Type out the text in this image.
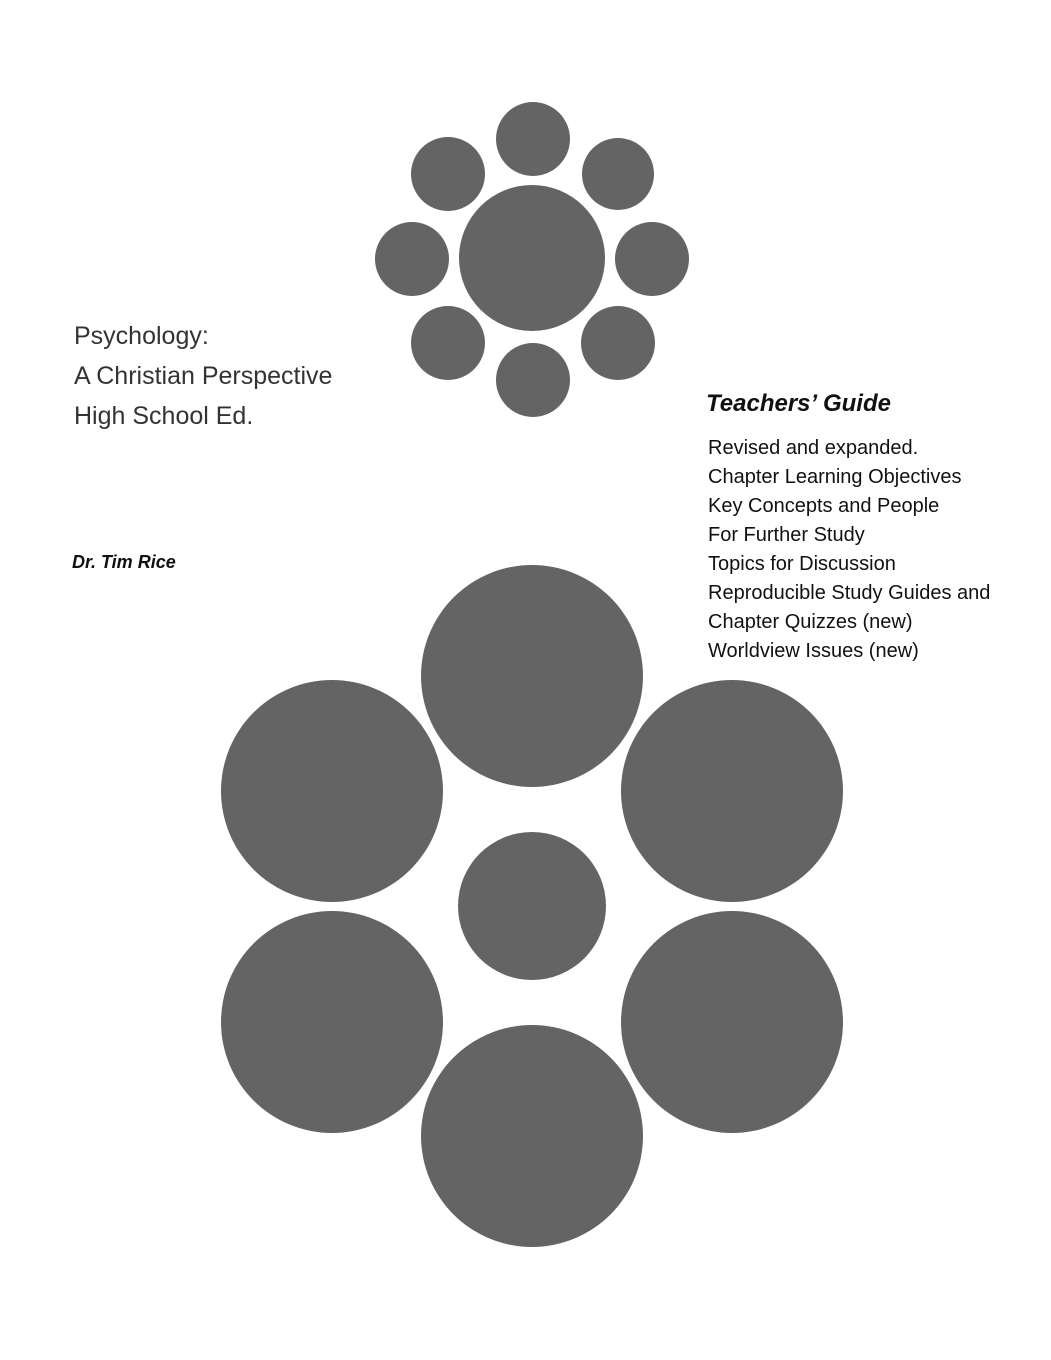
Psychology:
A Christian Perspective
High School Ed.
Dr. Tim Rice
Teachers’ Guide
Revised and expanded.
Chapter Learning Objectives
Key Concepts and People
For Further Study
Topics for Discussion
Reproducible Study Guides and
Chapter Quizzes (new)
Worldview Issues (new)
